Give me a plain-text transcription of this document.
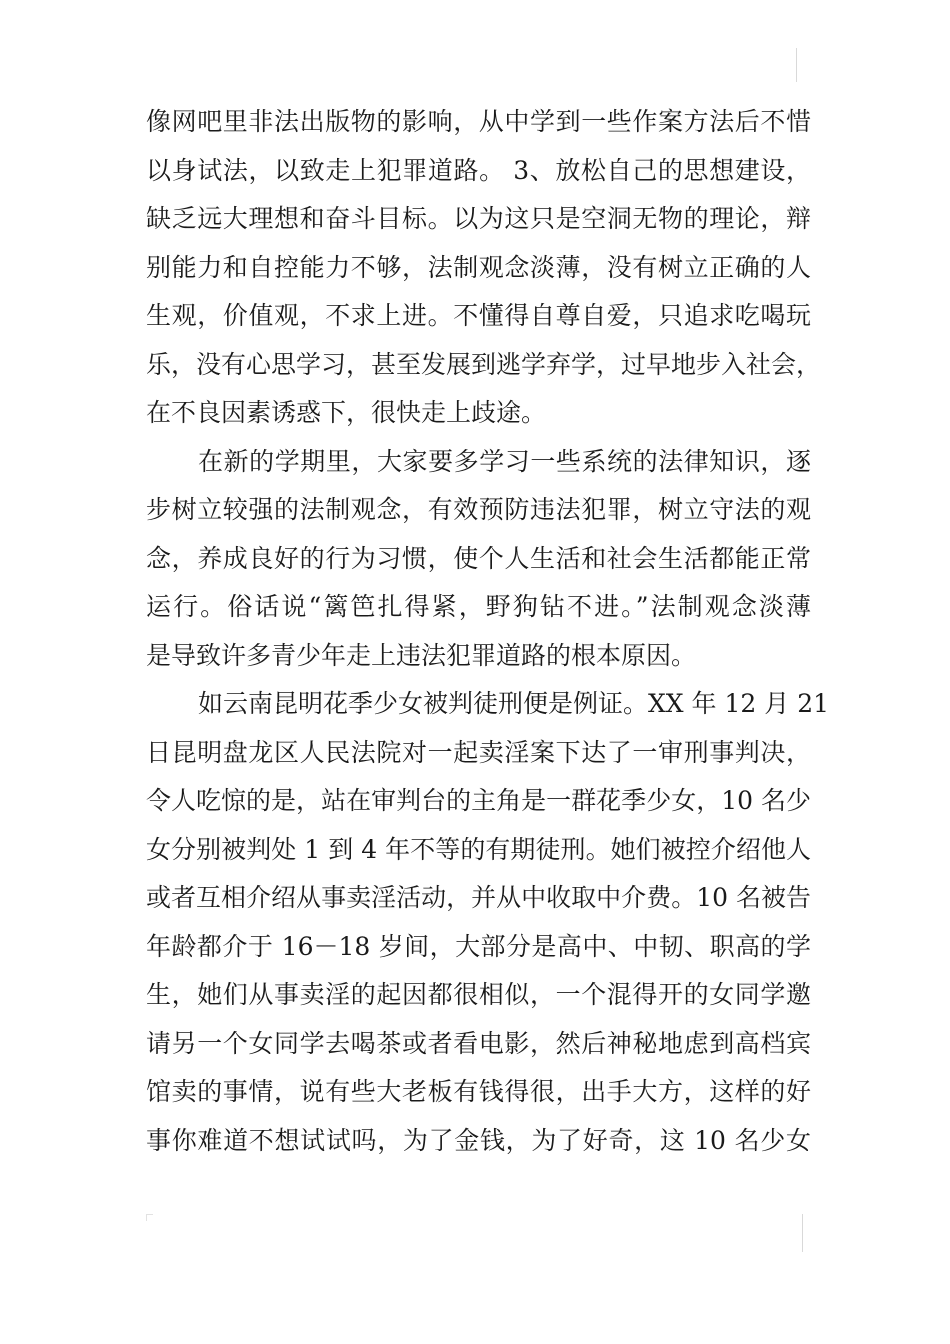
像网吧里非法出版物的影响，从中学到一些作案方法后不惜
以身试法，以致走上犯罪道路。 3、放松自己的思想建设，
缺乏远大理想和奋斗目标。以为这只是空洞无物的理论，辩
别能力和自控能力不够，法制观念淡薄，没有树立正确的人
生观，价值观，不求上进。不懂得自尊自爱，只追求吃喝玩
乐，没有心思学习，甚至发展到逃学弃学，过早地步入社会，
在不良因素诱惑下，很快走上歧途。
在新的学期里，大家要多学习一些系统的法律知识，逐
步树立较强的法制观念，有效预防违法犯罪，树立守法的观
念，养成良好的行为习惯，使个人生活和社会生活都能正常
运行。俗话说“篱笆扎得紧，野狗钻不进。”法制观念淡薄
是导致许多青少年走上违法犯罪道路的根本原因。
如云南昆明花季少女被判徒刑便是例证。XX 年 12 月 21
日昆明盘龙区人民法院对一起卖淫案下达了一审刑事判决，
令人吃惊的是，站在审判台的主角是一群花季少女，10 名少
女分别被判处 1 到 4 年不等的有期徒刑。她们被控介绍他人
或者互相介绍从事卖淫活动，并从中收取中介费。10 名被告
年龄都介于 16－18 岁间，大部分是高中、中韧、职高的学
生，她们从事卖淫的起因都很相似，一个混得开的女同学邀
请另一个女同学去喝茶或者看电影，然后神秘地虑到高档宾
馆卖的事情，说有些大老板有钱得很，出手大方，这样的好
事你难道不想试试吗，为了金钱，为了好奇，这 10 名少女
